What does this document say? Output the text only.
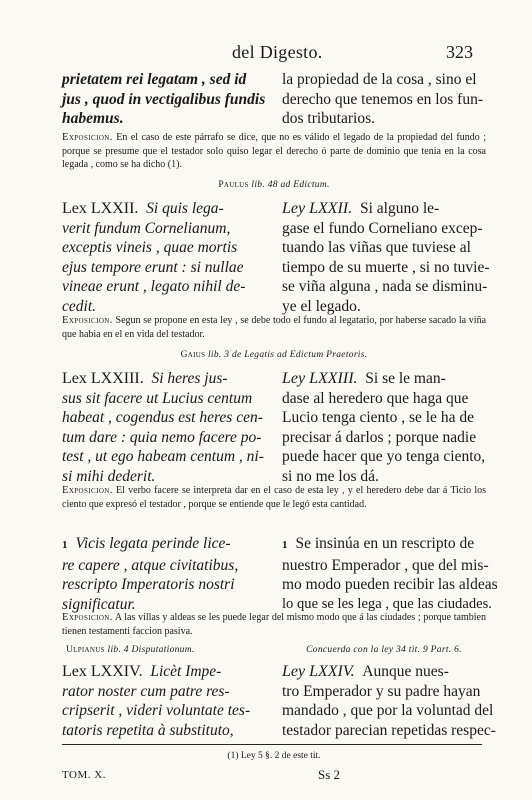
del Digesto.	323
prietatem rei legatam , sed id
jus , quod in vectigalibus fundis
habemus.
la propiedad de la cosa , sino el
derecho que tenemos en los fun-
dos tributarios.
Exposicion. En el caso de este párrafo se dice, que no es válido el legado de la propiedad del fundo ; porque se presume que el testador solo quiso legar el derecho ó parte de dominio que tenia en la cosa legada , como se ha dicho (1).
Paulus lib. 48 ad Edictum.
Lex LXXII. Si quis lega-
verit fundum Cornelianum,
exceptis vineis , quae mortis
ejus tempore erunt : si nullae
vineae erunt , legato nihil de-
cedit.
Ley LXXII. Si alguno le-
gase el fundo Corneliano excep-
tuando las viñas que tuviese al
tiempo de su muerte , si no tuvie-
se viña alguna , nada se disminu-
ye el legado.
Exposicion. Segun se propone en esta ley , se debe todo el fundo al legatario, por haberse sacado la viña que habia en el en vida del testador.
Gaius lib. 3 de Legatis ad Edictum Praetoris.
Lex LXXIII. Si heres jus-
sus sit facere ut Lucius centum
habeat , cogendus est heres cen-
tum dare : quia nemo facere po-
test , ut ego habeam centum , ni-
si mihi dederit.
Ley LXXIII. Si se le man-
dase al heredero que haga que
Lucio tenga ciento , se le ha de
precisar á darlos ; porque nadie
puede hacer que yo tenga ciento,
si no me los dá.
Exposicion. El verbo facere se interpreta dar en el caso de esta ley , y el heredero debe dar á Ticio los ciento que expresó el testador , porque se entiende que le legó esta cantidad.
1 Vicis legata perinde lice-
re capere , atque civitatibus,
rescripto Imperatoris nostri
significatur.
1 Se insinúa en un rescripto de
nuestro Emperador , que del mis-
mo modo pueden recibir las aldeas
lo que se les lega , que las ciudades.
Exposicion. A las villas y aldeas se les puede legar del mismo modo que á las ciudades ; porque tambien tienen testamenti faccion pasiva.
Ulpianus lib. 4 Disputationum.	Concuerda con la ley 34 tit. 9 Part. 6.
Lex LXXIV. Licèt Impe-
rator noster cum patre res-
cripserit , videri voluntate tes-
tatoris repetita à substituto,
Ley LXXIV. Aunque nues-
tro Emperador y su padre hayan
mandado , que por la voluntad del
testador parecian repetidas respec-
(1) Ley 5 §. 2 de este tit.
TOM. X.	Ss 2
